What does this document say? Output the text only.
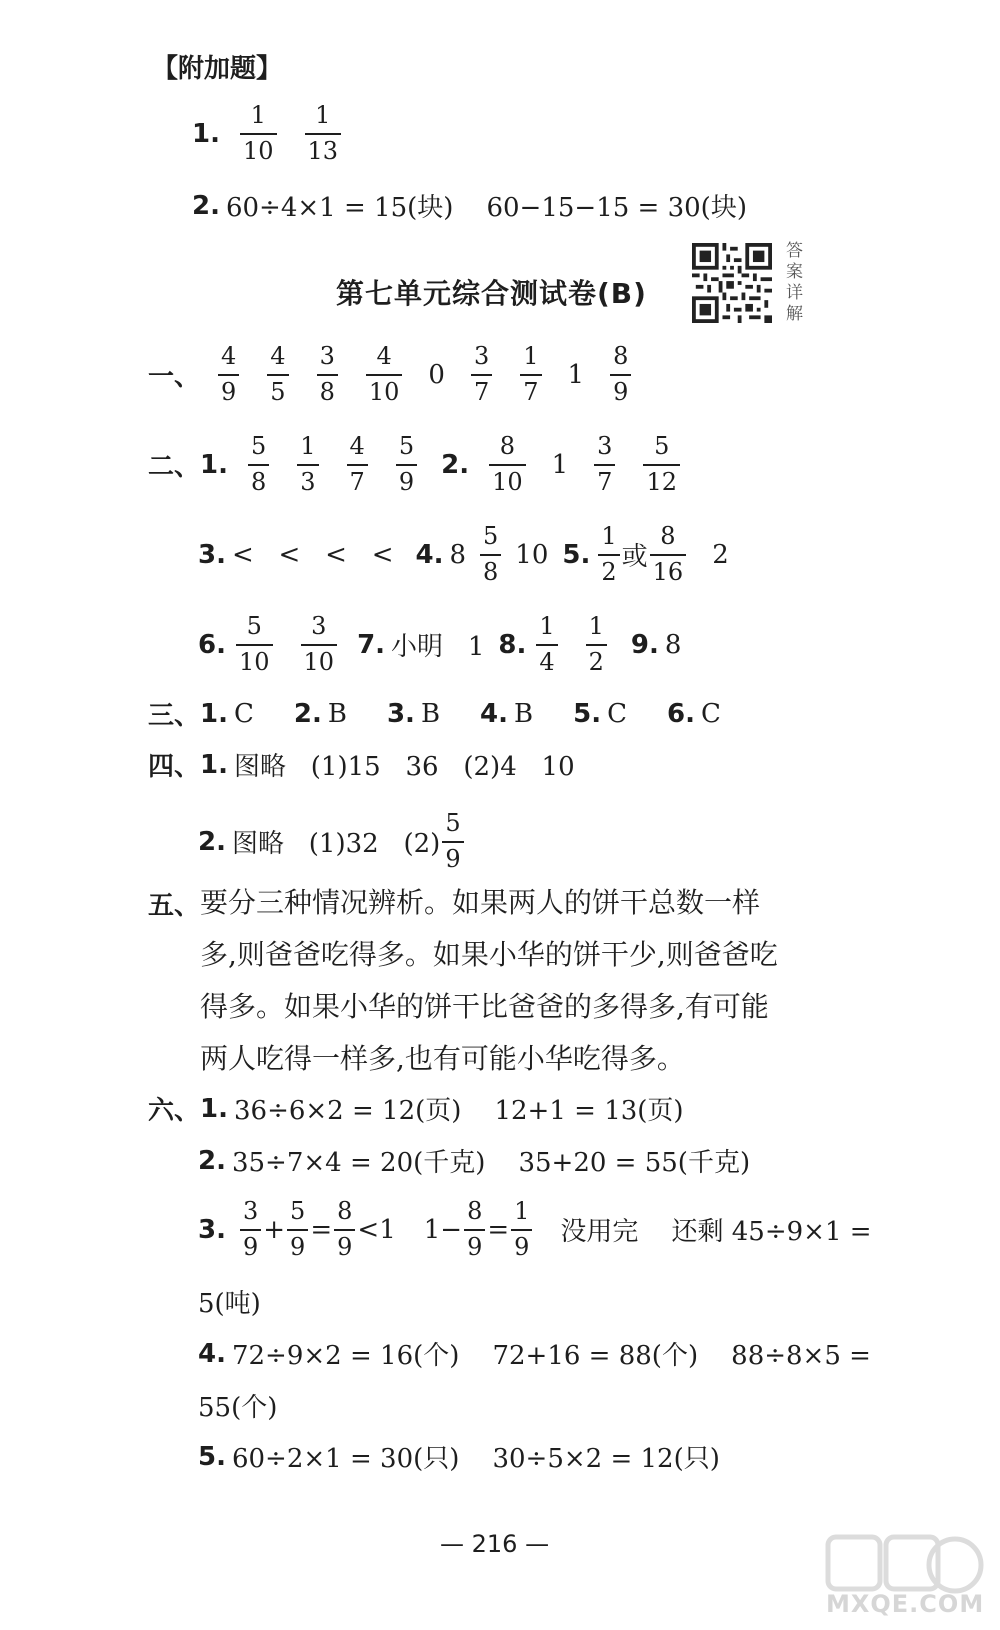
【附加题】
1. $\frac{1}{10} \frac{1}{13}$
2. 60÷4×1 = 15(块)    60−15−15 = 30(块)
第七单元综合测试卷(B)
答案详解
一、 $\frac{4}{9} \frac{4}{5} \frac{3}{8} \frac{4}{10} 0 \frac{3}{7} \frac{1}{7} 1 \frac{8}{9}$
二、 1. $\frac{5}{8} \frac{1}{3} \frac{4}{7} \frac{5}{9} 2$. $\frac{8}{10} 1 \frac{3}{7} \frac{5}{12}$
3. <   <   <   < 4. $8 \frac{5}{8} 10$ 5. $\frac{1}{2}$ 或 $\frac{8}{16} 2$
6. $\frac{5}{10} \frac{3}{10} 7$. 小明   1 8. $\frac{1}{4} \frac{1}{2} 9$. 8
三、 1. C 2. B 3. B 4. B 5. C 6. C
四、 1. 图略   (1)15   36   (2)4   10
2. 图略   (1)32   $(2) \frac{5}{9}$
五、 要分三种情况辨析。如果两人的饼干总数一样多,则爸爸吃得多。如果小华的饼干少,则爸爸吃得多。如果小华的饼干比爸爸的多得多,有可能两人吃得一样多,也有可能小华吃得多。
六、 1. 36÷6×2 = 12(页)    12+1 = 13(页)
2. 35÷7×4 = 20(千克)    35+20 = 55(千克)
3. $\frac{3}{9} + \frac{5}{9} = \frac{8}{9} <1$ $1- \frac{8}{9} = \frac{1}{9}$ 没用完    还剩 45÷9×1 =
5(吨)
4. 72÷9×2 = 16(个)    72+16 = 88(个)    88÷8×5 =
55(个)
5. 60÷2×1 = 30(只)    30÷5×2 = 12(只)
— 216 —
MXQE.COM
